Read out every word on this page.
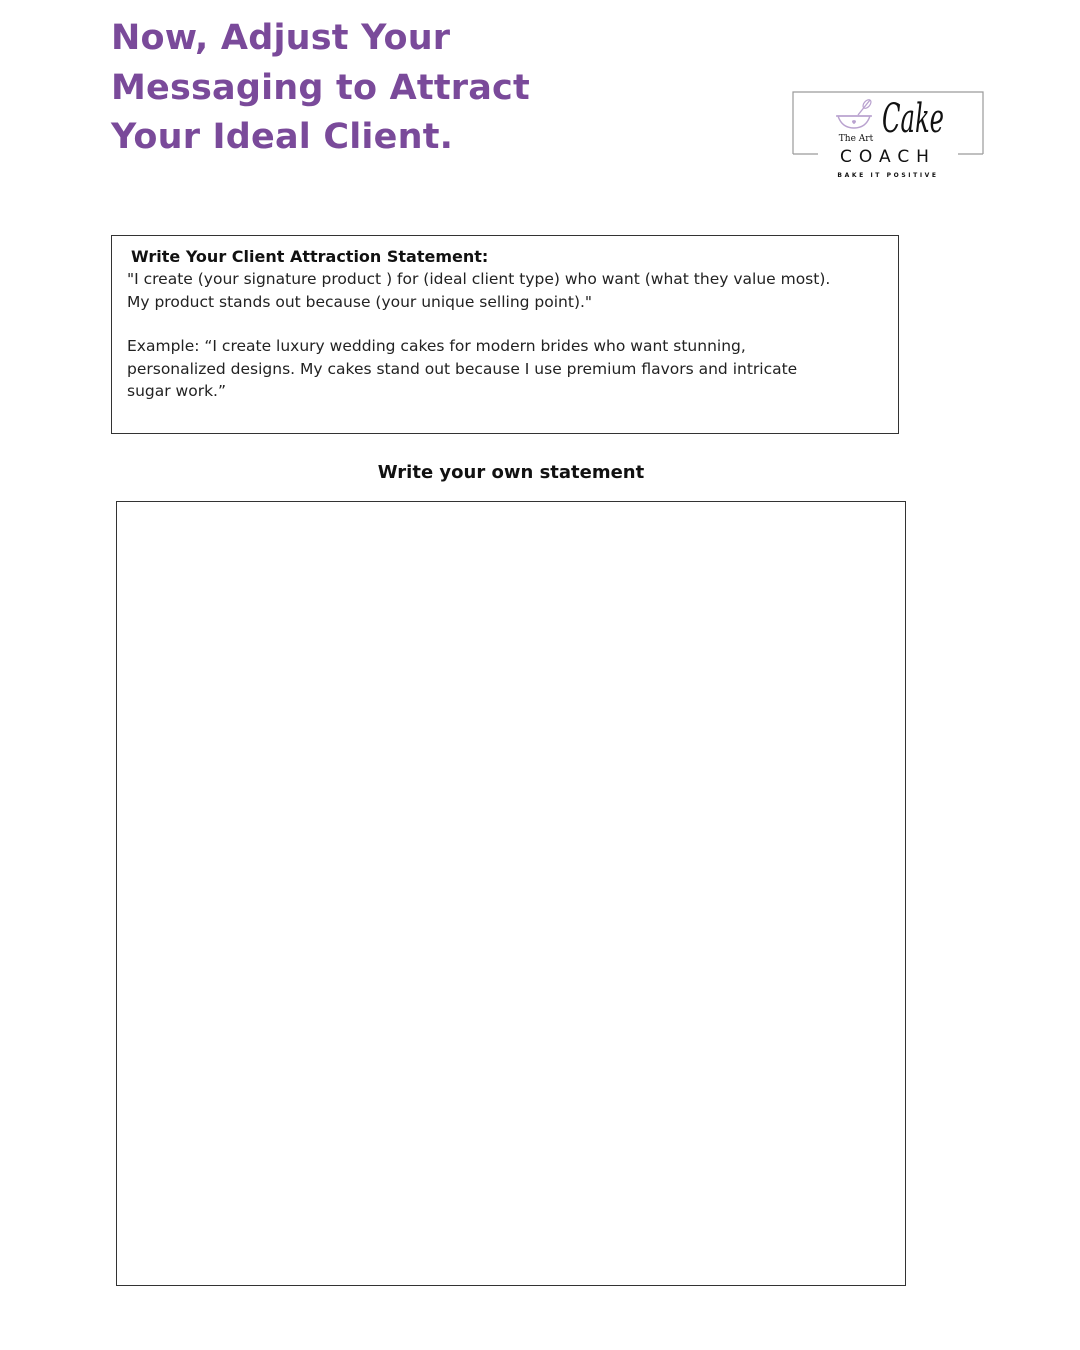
Now, Adjust Your
Messaging to Attract
Your Ideal Client.	The Art Cake
COACH
BAKE IT POSITIVE
Write Your Client Attraction Statement:

"I create (your signature product ) for (ideal client type) who want (what they value most).
My product stands out because (your unique selling point)."

Example: “I create luxury wedding cakes for modern brides who want stunning,
personalized designs. My cakes stand out because I use premium flavors and intricate
sugar work.”

Write your own statement
